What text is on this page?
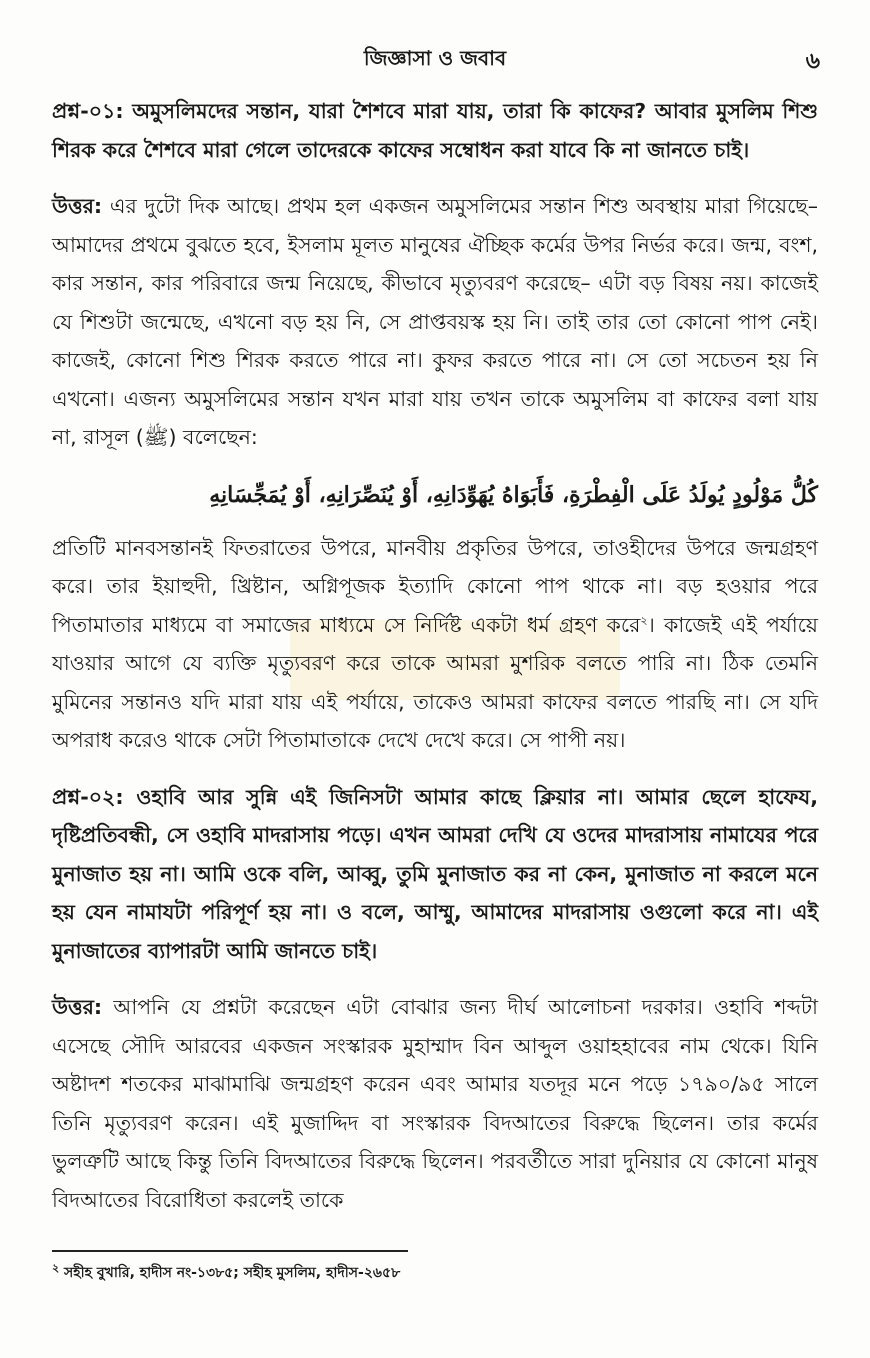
জিজ্ঞাসা ও জবাব	৬

প্রশ্ন-০১: অমুসলিমদের সন্তান, যারা শৈশবে মারা যায়, তারা কি কাফের? আবার মুসলিম শিশু শিরক করে শৈশবে মারা গেলে তাদেরকে কাফের সম্বোধন করা যাবে কি না জানতে চাই।

উত্তর: এর দুটো দিক আছে। প্রথম হল একজন অমুসলিমের সন্তান শিশু অবস্থায় মারা গিয়েছে– আমাদের প্রথমে বুঝতে হবে, ইসলাম মূলত মানুষের ঐচ্ছিক কর্মের উপর নির্ভর করে। জন্ম, বংশ, কার সন্তান, কার পরিবারে জন্ম নিয়েছে, কীভাবে মৃত্যুবরণ করেছে– এটা বড় বিষয় নয়। কাজেই যে শিশুটা জন্মেছে, এখনো বড় হয় নি, সে প্রাপ্তবয়স্ক হয় নি। তাই তার তো কোনো পাপ নেই। কাজেই, কোনো শিশু শিরক করতে পারে না। কুফর করতে পারে না। সে তো সচেতন হয় নি এখনো। এজন্য অমুসলিমের সন্তান যখন মারা যায় তখন তাকে অমুসলিম বা কাফের বলা যায় না, রাসূল (ﷺ) বলেছেন:

كُلُّ مَوْلُودٍ يُولَدُ عَلَى الْفِطْرَةِ، فَأَبَوَاهُ يُهَوِّدَانِهِ، أَوْ يُنَصِّرَانِهِ، أَوْ يُمَجِّسَانِهِ

প্রতিটি মানবসন্তানই ফিতরাতের উপরে, মানবীয় প্রকৃতির উপরে, তাওহীদের উপরে জন্মগ্রহণ করে। তার ইয়াহুদী, খ্রিষ্টান, অগ্নিপূজক ইত্যাদি কোনো পাপ থাকে না। বড় হওয়ার পরে পিতামাতার মাধ্যমে বা সমাজের মাধ্যমে সে নির্দিষ্ট একটা ধর্ম গ্রহণ করে$^২$। কাজেই এই পর্যায়ে যাওয়ার আগে যে ব্যক্তি মৃত্যুবরণ করে তাকে আমরা মুশরিক বলতে পারি না। ঠিক তেমনি মুমিনের সন্তানও যদি মারা যায় এই পর্যায়ে, তাকেও আমরা কাফের বলতে পারছি না। সে যদি অপরাধ করেও থাকে সেটা পিতামাতাকে দেখে দেখে করে। সে পাপী নয়।

প্রশ্ন-০২: ওহাবি আর সুন্নি এই জিনিসটা আমার কাছে ক্লিয়ার না। আমার ছেলে হাফেয, দৃষ্টিপ্রতিবন্ধী, সে ওহাবি মাদরাসায় পড়ে। এখন আমরা দেখি যে ওদের মাদরাসায় নামাযের পরে মুনাজাত হয় না। আমি ওকে বলি, আব্বু, তুমি মুনাজাত কর না কেন, মুনাজাত না করলে মনে হয় যেন নামাযটা পরিপূর্ণ হয় না। ও বলে, আম্মু, আমাদের মাদরাসায় ওগুলো করে না। এই মুনাজাতের ব্যাপারটা আমি জানতে চাই।

উত্তর: আপনি যে প্রশ্নটা করেছেন এটা বোঝার জন্য দীর্ঘ আলোচনা দরকার। ওহাবি শব্দটা এসেছে সৌদি আরবের একজন সংস্কারক মুহাম্মাদ বিন আব্দুল ওয়াহহাবের নাম থেকে। যিনি অষ্টাদশ শতকের মাঝামাঝি জন্মগ্রহণ করেন এবং আমার যতদূর মনে পড়ে ১৭৯০/৯৫ সালে তিনি মৃত্যুবরণ করেন। এই মুজাদ্দিদ বা সংস্কারক বিদআতের বিরুদ্ধে ছিলেন। তার কর্মের ভুলত্রুটি আছে কিন্তু তিনি বিদআতের বিরুদ্ধে ছিলেন। পরবর্তীতে সারা দুনিয়ার যে কোনো মানুষ বিদআতের বিরোধিতা করলেই তাকে

$^২$ সহীহ বুখারি, হাদীস নং-১৩৮৫; সহীহ মুসলিম, হাদীস-২৬৫৮
